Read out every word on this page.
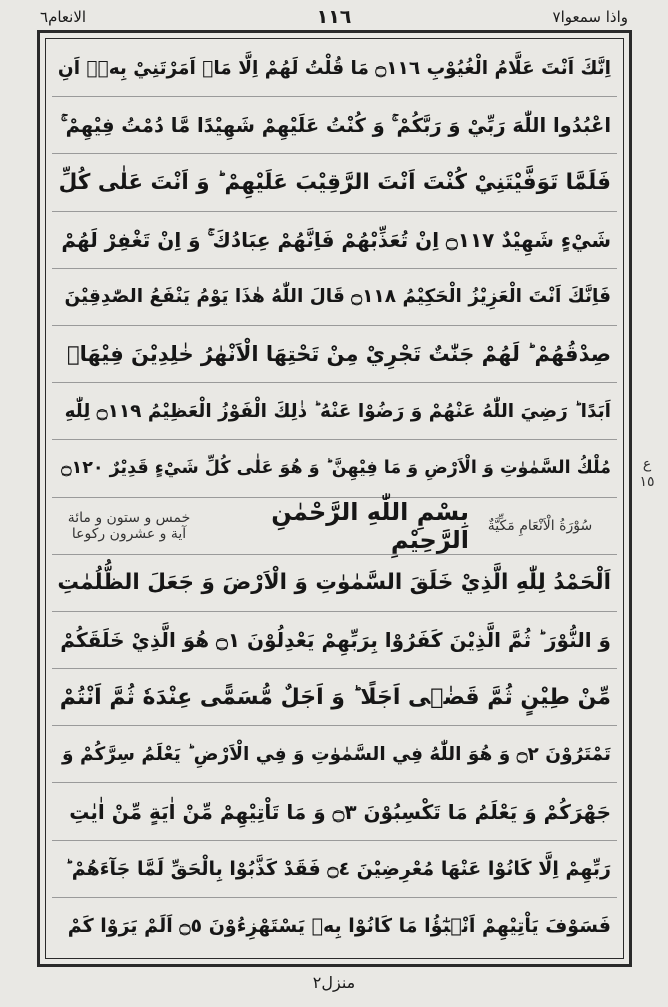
واذا سمعوا٧
١١٦
الانعام٦
ع ١٥
اِنَّكَ اَنْتَ عَلَّامُ الْغُيُوْبِ ۝١١٦ مَا قُلْتُ لَهُمْ اِلَّا مَاۤ اَمَرْتَنِيْ بِهٖۤ اَنِ
اعْبُدُوا اللّٰهَ رَبِّيْ وَ رَبَّكُمْ ۚ وَ كُنْتُ عَلَيْهِمْ شَهِيْدًا مَّا دُمْتُ فِيْهِمْ ۚ
فَلَمَّا تَوَفَّيْتَنِيْ كُنْتَ اَنْتَ الرَّقِيْبَ عَلَيْهِمْ ؕ وَ اَنْتَ عَلٰى كُلِّ
شَيْءٍ شَهِيْدٌ ۝١١٧ اِنْ تُعَذِّبْهُمْ فَاِنَّهُمْ عِبَادُكَ ۚ وَ اِنْ تَغْفِرْ لَهُمْ
فَاِنَّكَ اَنْتَ الْعَزِيْزُ الْحَكِيْمُ ۝١١٨ قَالَ اللّٰهُ هٰذَا يَوْمُ يَنْفَعُ الصّٰدِقِيْنَ
صِدْقُهُمْ ؕ لَهُمْ جَنّٰتٌ تَجْرِيْ مِنْ تَحْتِهَا الْاَنْهٰرُ خٰلِدِيْنَ فِيْهَاۤ
اَبَدًا ؕ رَضِيَ اللّٰهُ عَنْهُمْ وَ رَضُوْا عَنْهُ ؕ ذٰلِكَ الْفَوْزُ الْعَظِيْمُ ۝١١٩ لِلّٰهِ
مُلْكُ السَّمٰوٰتِ وَ الْاَرْضِ وَ مَا فِيْهِنَّ ؕ وَ هُوَ عَلٰى كُلِّ شَيْءٍ قَدِيْرٌ ۝١٢٠
سُوْرَةُ الْاَنْعَامِ مَكِّيَّةٌ
بِسْمِ اللّٰهِ الرَّحْمٰنِ الرَّحِيْمِ
خمس و ستون و مائة آية و عشرون ركوعا
اَلْحَمْدُ لِلّٰهِ الَّذِيْ خَلَقَ السَّمٰوٰتِ وَ الْاَرْضَ وَ جَعَلَ الظُّلُمٰتِ
وَ النُّوْرَ ؕ ثُمَّ الَّذِيْنَ كَفَرُوْا بِرَبِّهِمْ يَعْدِلُوْنَ ۝١ هُوَ الَّذِيْ خَلَقَكُمْ
مِّنْ طِيْنٍ ثُمَّ قَضٰۤى اَجَلًا ؕ وَ اَجَلٌ مُّسَمًّى عِنْدَهٗ ثُمَّ اَنْتُمْ
تَمْتَرُوْنَ ۝٢ وَ هُوَ اللّٰهُ فِي السَّمٰوٰتِ وَ فِي الْاَرْضِ ؕ يَعْلَمُ سِرَّكُمْ وَ
جَهْرَكُمْ وَ يَعْلَمُ مَا تَكْسِبُوْنَ ۝٣ وَ مَا تَاْتِيْهِمْ مِّنْ اٰيَةٍ مِّنْ اٰيٰتِ
رَبِّهِمْ اِلَّا كَانُوْا عَنْهَا مُعْرِضِيْنَ ۝٤ فَقَدْ كَذَّبُوْا بِالْحَقِّ لَمَّا جَآءَهُمْ ؕ
فَسَوْفَ يَاْتِيْهِمْ اَنْۢبٰٓؤُا مَا كَانُوْا بِهٖ يَسْتَهْزِءُوْنَ ۝٥ اَلَمْ يَرَوْا كَمْ
منزل٢
